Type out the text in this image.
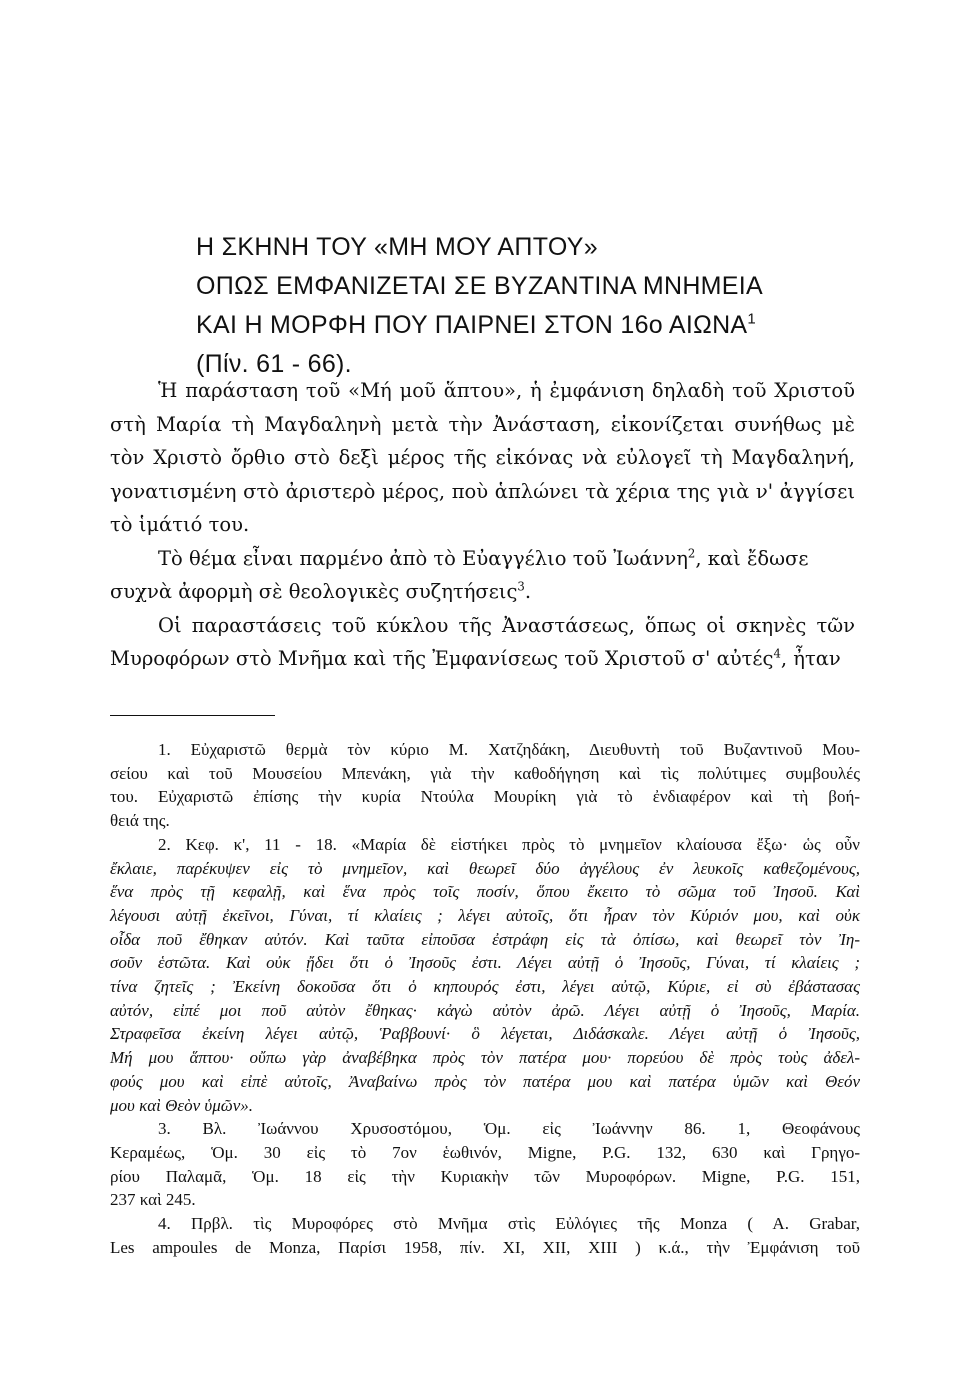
Η ΣΚΗΝΗ ΤΟΥ «ΜΗ ΜΟΥ ΑΠΤΟΥ»
ΟΠΩΣ ΕΜΦΑΝΙΖΕΤΑΙ ΣΕ ΒΥΖΑΝΤΙΝΑ ΜΝΗΜΕΙΑ
ΚΑΙ Η ΜΟΡΦΗ ΠΟΥ ΠΑΙΡΝΕΙ ΣΤΟΝ 16ο ΑΙΩΝΑ$^1$
(Πίν. 61 - 66).
Ἡ παράσταση τοῦ «Μή μοῦ ἅπτου», ἡ ἐμφάνιση δηλαδὴ τοῦ Χριστοῦ
στὴ Μαρία τὴ Μαγδαληνὴ μετὰ τὴν Ἀνάσταση, εἰκονίζεται συνήθως μὲ
τὸν Χριστὸ ὄρθιο στὸ δεξὶ μέρος τῆς εἰκόνας νὰ εὐλογεῖ τὴ Μαγδαληνή,
γονατισμένη στὸ ἀριστερὸ μέρος, ποὺ ἁπλώνει τὰ χέρια της γιὰ ν' ἀγγίσει
τὸ ἱμάτιό του.
Τὸ θέμα εἶναι παρμένο ἀπὸ τὸ Εὐαγγέλιο τοῦ Ἰωάννη$^2$, καὶ ἔδωσε
συχνὰ ἀφορμὴ σὲ θεολογικὲς συζητήσεις$^3$.
Οἱ παραστάσεις τοῦ κύκλου τῆς Ἀναστάσεως, ὅπως οἱ σκηνὲς τῶν
Μυροφόρων στὸ Μνῆμα καὶ τῆς Ἐμφανίσεως τοῦ Χριστοῦ σ' αὐτές$^4$, ἦταν
1. Εὐχαριστῶ θερμὰ τὸν κύριο Μ. Χατζηδάκη, Διευθυντὴ τοῦ Βυζαντινοῦ Μου-
σείου καὶ τοῦ Μουσείου Μπενάκη, γιὰ τὴν καθοδήγηση καὶ τὶς πολύτιμες συμβουλές
του. Εὐχαριστῶ ἐπίσης τὴν κυρία Ντούλα Μουρίκη γιὰ τὸ ἐνδιαφέρον καὶ τὴ βοή-
θειά της.
2. Κεφ. κ', 11 - 18. «Μαρία δὲ εἱστήκει πρὸς τὸ μνημεῖον κλαίουσα ἔξω· ὡς οὖν
ἔκλαιε, παρέκυψεν εἰς τὸ μνημεῖον, καὶ θεωρεῖ δύο ἀγγέλους ἐν λευκοῖς καθεζομένους,
ἕνα πρὸς τῇ κεφαλῇ, καὶ ἕνα πρὸς τοῖς ποσίν, ὅπου ἔκειτο τὸ σῶμα τοῦ Ἰησοῦ. Καὶ
λέγουσι αὐτῇ ἐκεῖνοι, Γύναι, τί κλαίεις ; λέγει αὐτοῖς, ὅτι ἦραν τὸν Κύριόν μου, καὶ οὐκ
οἶδα ποῦ ἔθηκαν αὐτόν. Καὶ ταῦτα εἰποῦσα ἐστράφη εἰς τὰ ὀπίσω, καὶ θεωρεῖ τὸν Ἰη-
σοῦν ἑστῶτα. Καὶ οὐκ ᾔδει ὅτι ὁ Ἰησοῦς ἐστι. Λέγει αὐτῇ ὁ Ἰησοῦς, Γύναι, τί κλαίεις ;
τίνα ζητεῖς ; Ἐκείνη δοκοῦσα ὅτι ὁ κηπουρός ἐστι, λέγει αὐτῷ, Κύριε, εἰ σὺ ἐβάστασας
αὐτόν, εἰπέ μοι ποῦ αὐτὸν ἔθηκας· κἀγὼ αὐτὸν ἀρῶ. Λέγει αὐτῇ ὁ Ἰησοῦς, Μαρία.
Στραφεῖσα ἐκείνη λέγει αὐτῷ, Ῥαββουνί· ὃ λέγεται, Διδάσκαλε. Λέγει αὐτῇ ὁ Ἰησοῦς,
Μή μου ἅπτου· οὔπω γὰρ ἀναβέβηκα πρὸς τὸν πατέρα μου· πορεύου δὲ πρὸς τοὺς ἀδελ-
φούς μου καὶ εἰπὲ αὐτοῖς, Ἀναβαίνω πρὸς τὸν πατέρα μου καὶ πατέρα ὑμῶν καὶ Θεόν
μου καὶ Θεὸν ὑμῶν».
3. Βλ. Ἰωάννου Χρυσοστόμου, Ὁμ. εἰς Ἰωάννην 86. 1, Θεοφάνους
Κεραμέως, Ὁμ. 30 εἰς τὸ 7ον ἑωθινόν, Migne, P.G. 132, 630 καὶ Γρηγο-
ρίου Παλαμᾶ, Ὁμ. 18 εἰς τὴν Κυριακὴν τῶν Μυροφόρων. Migne, P.G. 151,
237 καὶ 245.
4. Πρβλ. τὶς Μυροφόρες στὸ Μνῆμα στὶς Εὐλόγιες τῆς Monza ( A. Grabar,
Les ampoules de Monza, Παρίσι 1958, πίν. XI, XII, XIII ) κ.ά., τὴν Ἐμφάνιση τοῦ
